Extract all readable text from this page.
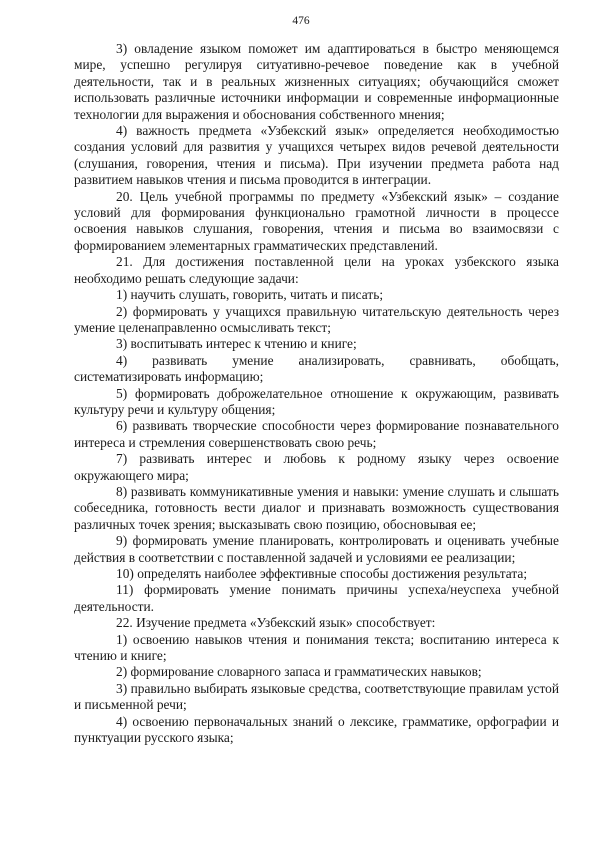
476

3) овладение языком поможет им адаптироваться в быстро меняющемся мире, успешно регулируя ситуативно-речевое поведение как в учебной деятельности, так и в реальных жизненных ситуациях; обучающийся сможет использовать различные источники информации и современные информационные технологии для выражения и обоснования собственного мнения;

4) важность предмета «Узбекский язык» определяется необходимостью создания условий для развития у учащихся четырех видов речевой деятельности (слушания, говорения, чтения и письма). При изучении предмета работа над развитием навыков чтения и письма проводится в интеграции.

20. Цель учебной программы по предмету «Узбекский язык» – создание условий для формирования функционально грамотной личности в процессе освоения навыков слушания, говорения, чтения и письма во взаимосвязи с формированием элементарных грамматических представлений.

21. Для достижения поставленной цели на уроках узбекского языка необходимо решать следующие задачи:

1) научить слушать, говорить, читать и писать;

2) формировать у учащихся правильную читательскую деятельность через умение целенаправленно осмысливать текст;

3) воспитывать интерес к чтению и книге;

4) развивать умение анализировать, сравнивать, обобщать, систематизировать информацию;

5) формировать доброжелательное отношение к окружающим, развивать культуру речи и культуру общения;

6) развивать творческие способности через формирование познавательного интереса и стремления совершенствовать свою речь;

7) развивать интерес и любовь к родному языку через освоение окружающего мира;

8) развивать коммуникативные умения и навыки: умение слушать и слышать собеседника, готовность вести диалог и признавать возможность существования различных точек зрения; высказывать свою позицию, обосновывая ее;

9) формировать умение планировать, контролировать и оценивать учебные действия в соответствии с поставленной задачей и условиями ее реализации;

10) определять наиболее эффективные способы достижения результата;

11) формировать умение понимать причины успеха/неуспеха учебной деятельности.

22. Изучение предмета «Узбекский язык» способствует:

1) освоению навыков чтения и понимания текста; воспитанию интереса к чтению и книге;

2) формирование словарного запаса и грамматических навыков;

3) правильно выбирать языковые средства, соответствующие правилам устой и письменной речи;

4) освоению первоначальных знаний о лексике, грамматике, орфографии и пунктуации русского языка;
